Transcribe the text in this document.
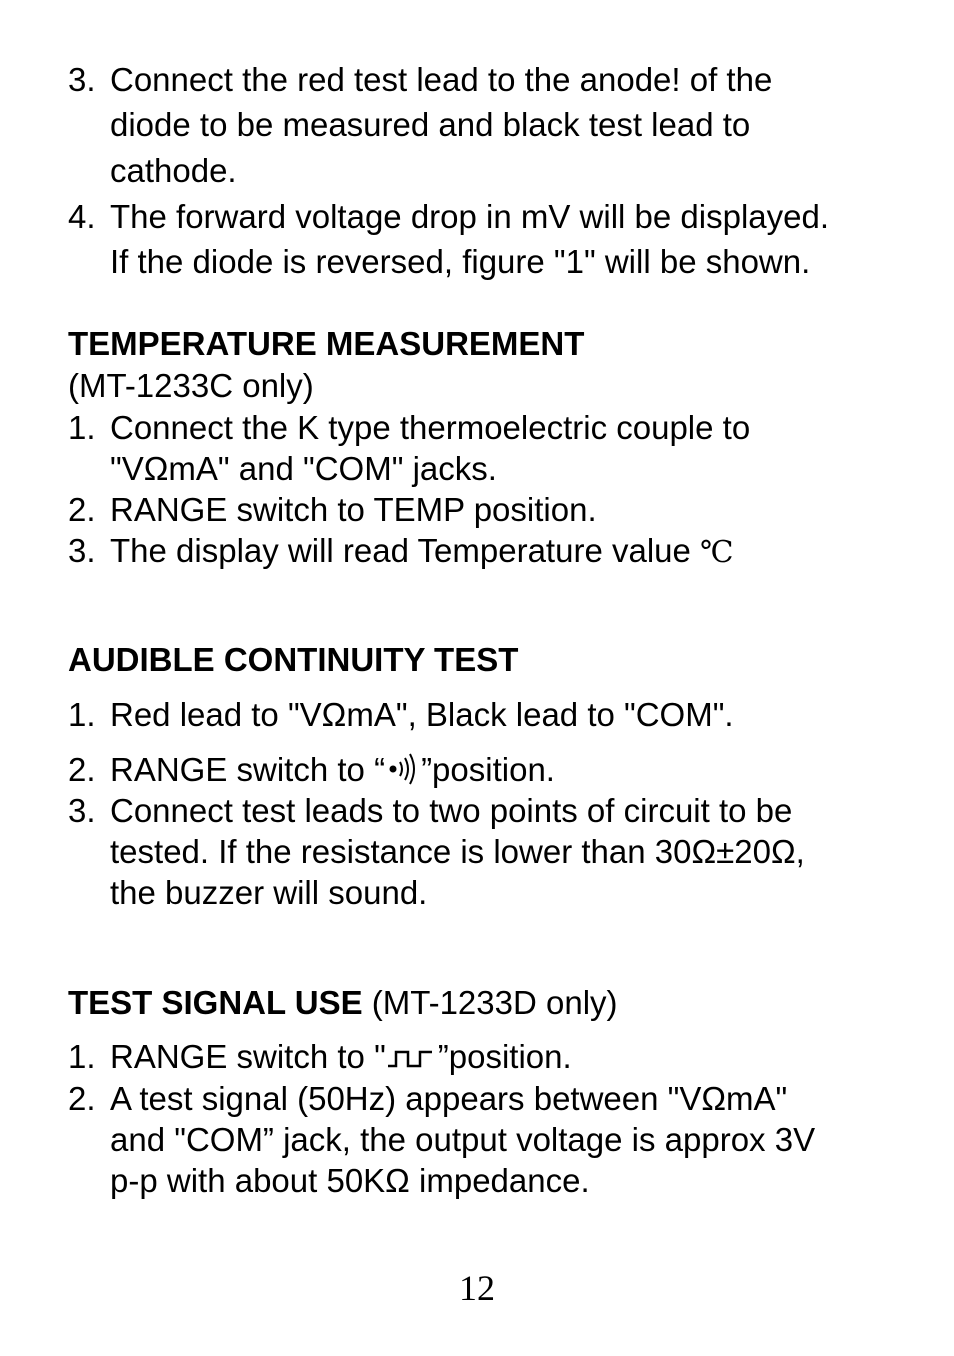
3. Connect the red test lead to the anode! of the
diode to be measured and black test lead to
cathode.
4. The forward voltage drop in mV will be displayed.
If the diode is reversed, figure "1" will be shown.
TEMPERATURE MEASUREMENT
(MT-1233C only)
1. Connect the K type thermoelectric couple to
"VΩmA" and "COM" jacks.
2. RANGE switch to TEMP position.
3. The display will read Temperature value ℃
AUDIBLE CONTINUITY TEST
1. Red lead to "VΩmA", Black lead to "COM".
2. RANGE switch to “ ”position.
3. Connect test leads to two points of circuit to be
tested. If the resistance is lower than 30Ω±20Ω,
the buzzer will sound.
TEST SIGNAL USE (MT-1233D only)
1. RANGE switch to " ”position.
2. A test signal (50Hz) appears between "VΩmA"
and "COM” jack, the output voltage is approx 3V
p-p with about 50KΩ impedance.
12
